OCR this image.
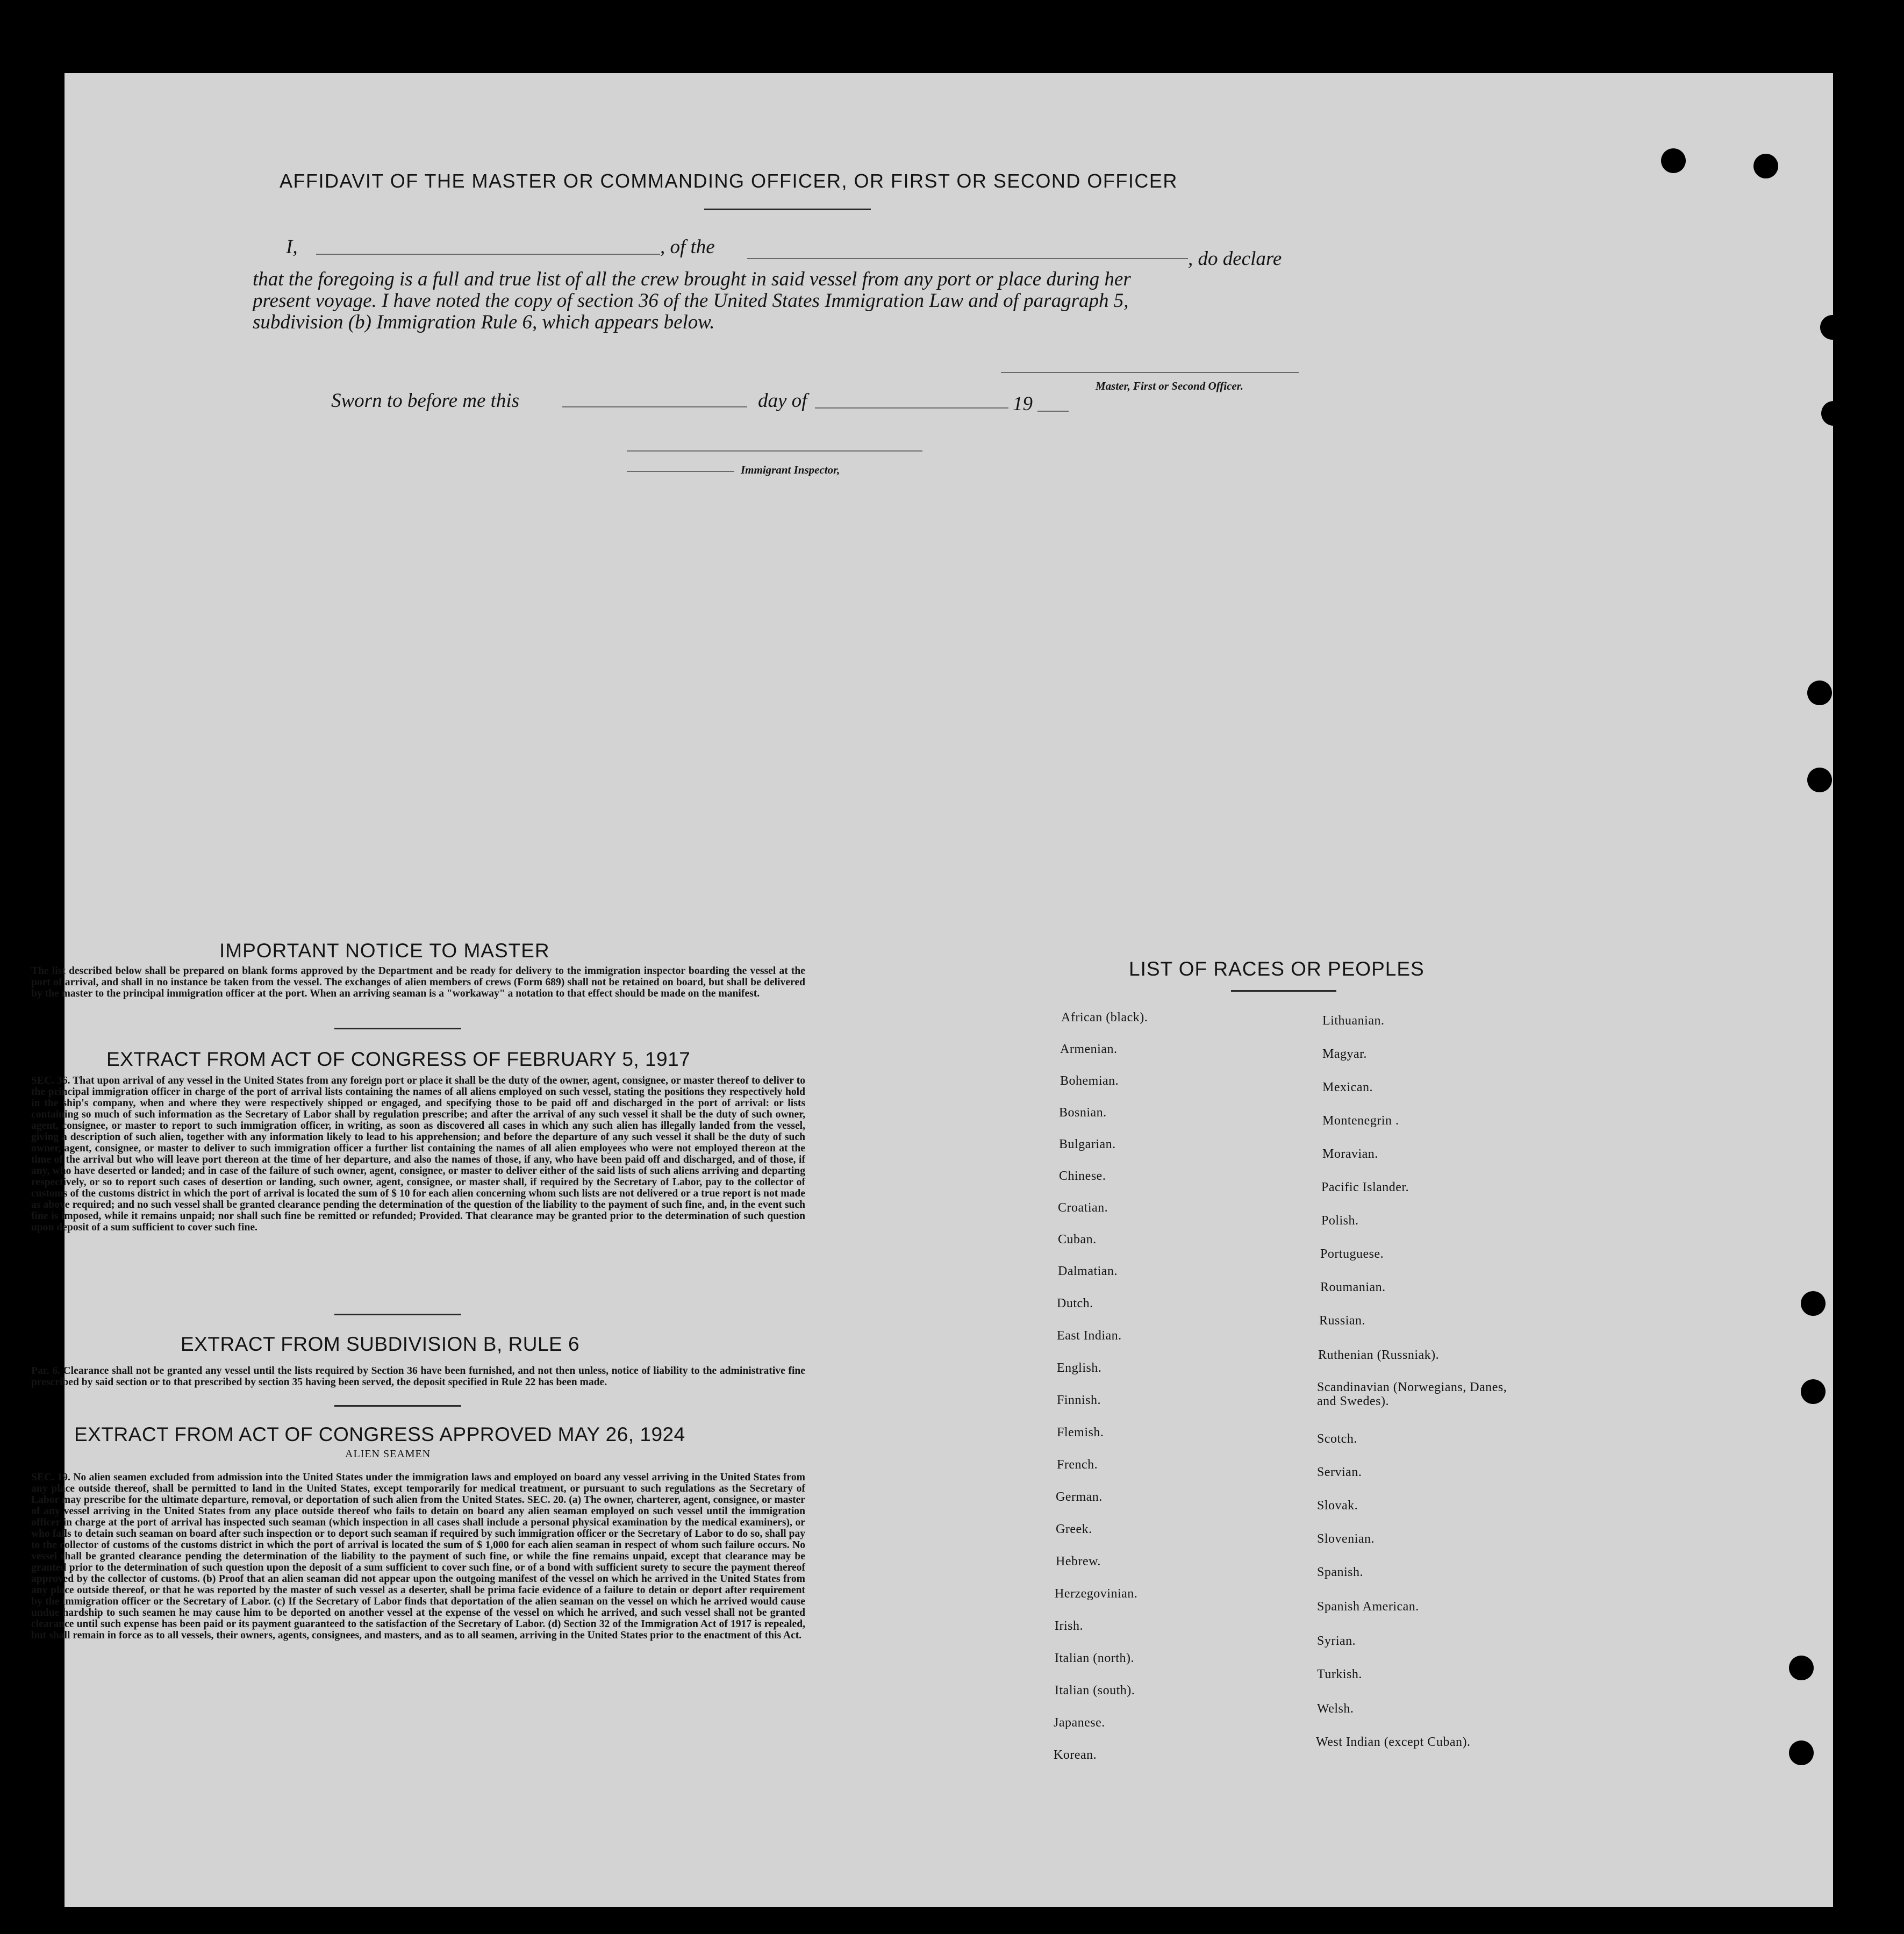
AFFIDAVIT OF THE MASTER OR COMMANDING OFFICER, OR FIRST OR SECOND OFFICER
I,	, of the
, do declare
that the foregoing is a full and true list of all the crew brought in said vessel from any port or place during her
present voyage. I have noted the copy of section 36 of the United States Immigration Law and of paragraph 5,
subdivision (b) Immigration Rule 6, which appears below.
Master, First or Second Officer.
Sworn to before me this	day of	19
Immigrant Inspector,
IMPORTANT NOTICE TO MASTER

The list described below shall be prepared on blank forms approved by the Department and be ready for delivery to the immigration inspector boarding the vessel at the port of arrival, and shall in no instance be taken from the vessel. The exchanges of alien members of crews (Form 689) shall not be retained on board, but shall be delivered by the master to the principal immigration officer at the port. When an arriving seaman is a "workaway" a notation to that effect should be made on the manifest.

EXTRACT FROM ACT OF CONGRESS OF FEBRUARY 5, 1917

SEC. 36. That upon arrival of any vessel in the United States from any foreign port or place it shall be the duty of the owner, agent, consignee, or master thereof to deliver to the principal immigration officer in charge of the port of arrival lists containing the names of all aliens employed on such vessel, stating the positions they respectively hold in the ship's company, when and where they were respectively shipped or engaged, and specifying those to be paid off and discharged in the port of arrival: or lists containing so much of such information as the Secretary of Labor shall by regulation prescribe; and after the arrival of any such vessel it shall be the duty of such owner, agent, consignee, or master to report to such immigration officer, in writing, as soon as discovered all cases in which any such alien has illegally landed from the vessel, giving a description of such alien, together with any information likely to lead to his apprehension; and before the departure of any such vessel it shall be the duty of such owner, agent, consignee, or master to deliver to such immigration officer a further list containing the names of all alien employees who were not employed thereon at the time of the arrival but who will leave port thereon at the time of her departure, and also the names of those, if any, who have been paid off and discharged, and of those, if any, who have deserted or landed; and in case of the failure of such owner, agent, consignee, or master to deliver either of the said lists of such aliens arriving and departing respectively, or so to report such cases of desertion or landing, such owner, agent, consignee, or master shall, if required by the Secretary of Labor, pay to the collector of customs of the customs district in which the port of arrival is located the sum of $ 10 for each alien concerning whom such lists are not delivered or a true report is not made as above required; and no such vessel shall be granted clearance pending the determination of the question of the liability to the payment of such fine, and, in the event such fine is imposed, while it remains unpaid; nor shall such fine be remitted or refunded; Provided. That clearance may be granted prior to the determination of such question upon deposit of a sum sufficient to cover such fine.

EXTRACT FROM SUBDIVISION B, RULE 6

Par. 6. Clearance shall not be granted any vessel until the lists required by Section 36 have been furnished, and not then unless, notice of liability to the administrative fine prescribed by said section or to that prescribed by section 35 having been served, the deposit specified in Rule 22 has been made.

EXTRACT FROM ACT OF CONGRESS APPROVED MAY 26, 1924
ALIEN SEAMEN

SEC. 19. No alien seamen excluded from admission into the United States under the immigration laws and employed on board any vessel arriving in the United States from any place outside thereof, shall be permitted to land in the United States, except temporarily for medical treatment, or pursuant to such regulations as the Secretary of Labor may prescribe for the ultimate departure, removal, or deportation of such alien from the United States. SEC. 20. (a) The owner, charterer, agent, consignee, or master of any vessel arriving in the United States from any place outside thereof who fails to detain on board any alien seaman employed on such vessel until the immigration officer in charge at the port of arrival has inspected such seaman (which inspection in all cases shall include a personal physical examination by the medical examiners), or who fails to detain such seaman on board after such inspection or to deport such seaman if required by such immigration officer or the Secretary of Labor to do so, shall pay to the collector of customs of the customs district in which the port of arrival is located the sum of $ 1,000 for each alien seaman in respect of whom such failure occurs. No vessel shall be granted clearance pending the determination of the liability to the payment of such fine, or while the fine remains unpaid, except that clearance may be granted prior to the determination of such question upon the deposit of a sum sufficient to cover such fine, or of a bond with sufficient surety to secure the payment thereof approved by the collector of customs. (b) Proof that an alien seaman did not appear upon the outgoing manifest of the vessel on which he arrived in the United States from any place outside thereof, or that he was reported by the master of such vessel as a deserter, shall be prima facie evidence of a failure to detain or deport after requirement by the immigration officer or the Secretary of Labor. (c) If the Secretary of Labor finds that deportation of the alien seaman on the vessel on which he arrived would cause undue hardship to such seamen he may cause him to be deported on another vessel at the expense of the vessel on which he arrived, and such vessel shall not be granted clearance until such expense has been paid or its payment guaranteed to the satisfaction of the Secretary of Labor. (d) Section 32 of the Immigration Act of 1917 is repealed, but shall remain in force as to all vessels, their owners, agents, consignees, and masters, and as to all seamen, arriving in the United States prior to the enactment of this Act.

LIST OF RACES OR PEOPLES
African (black).
Armenian.
Bohemian.
Bosnian.
Bulgarian.
Chinese.
Croatian.
Cuban.
Dalmatian.
Dutch.
East Indian.
English.
Finnish.
Flemish.
French.
German.
Greek.
Hebrew.
Herzegovinian.
Irish.
Italian (north).
Italian (south).
Japanese.
Korean.
Lithuanian.
Magyar.
Mexican.
Montenegrin .
Moravian.
Pacific Islander.
Polish.
Portuguese.
Roumanian.
Russian.
Ruthenian (Russniak).
Scandinavian (Norwegians, Danes, and Swedes).
Scotch.
Servian.
Slovak.
Slovenian.
Spanish.
Spanish American.
Syrian.
Turkish.
Welsh.
West Indian (except Cuban).
